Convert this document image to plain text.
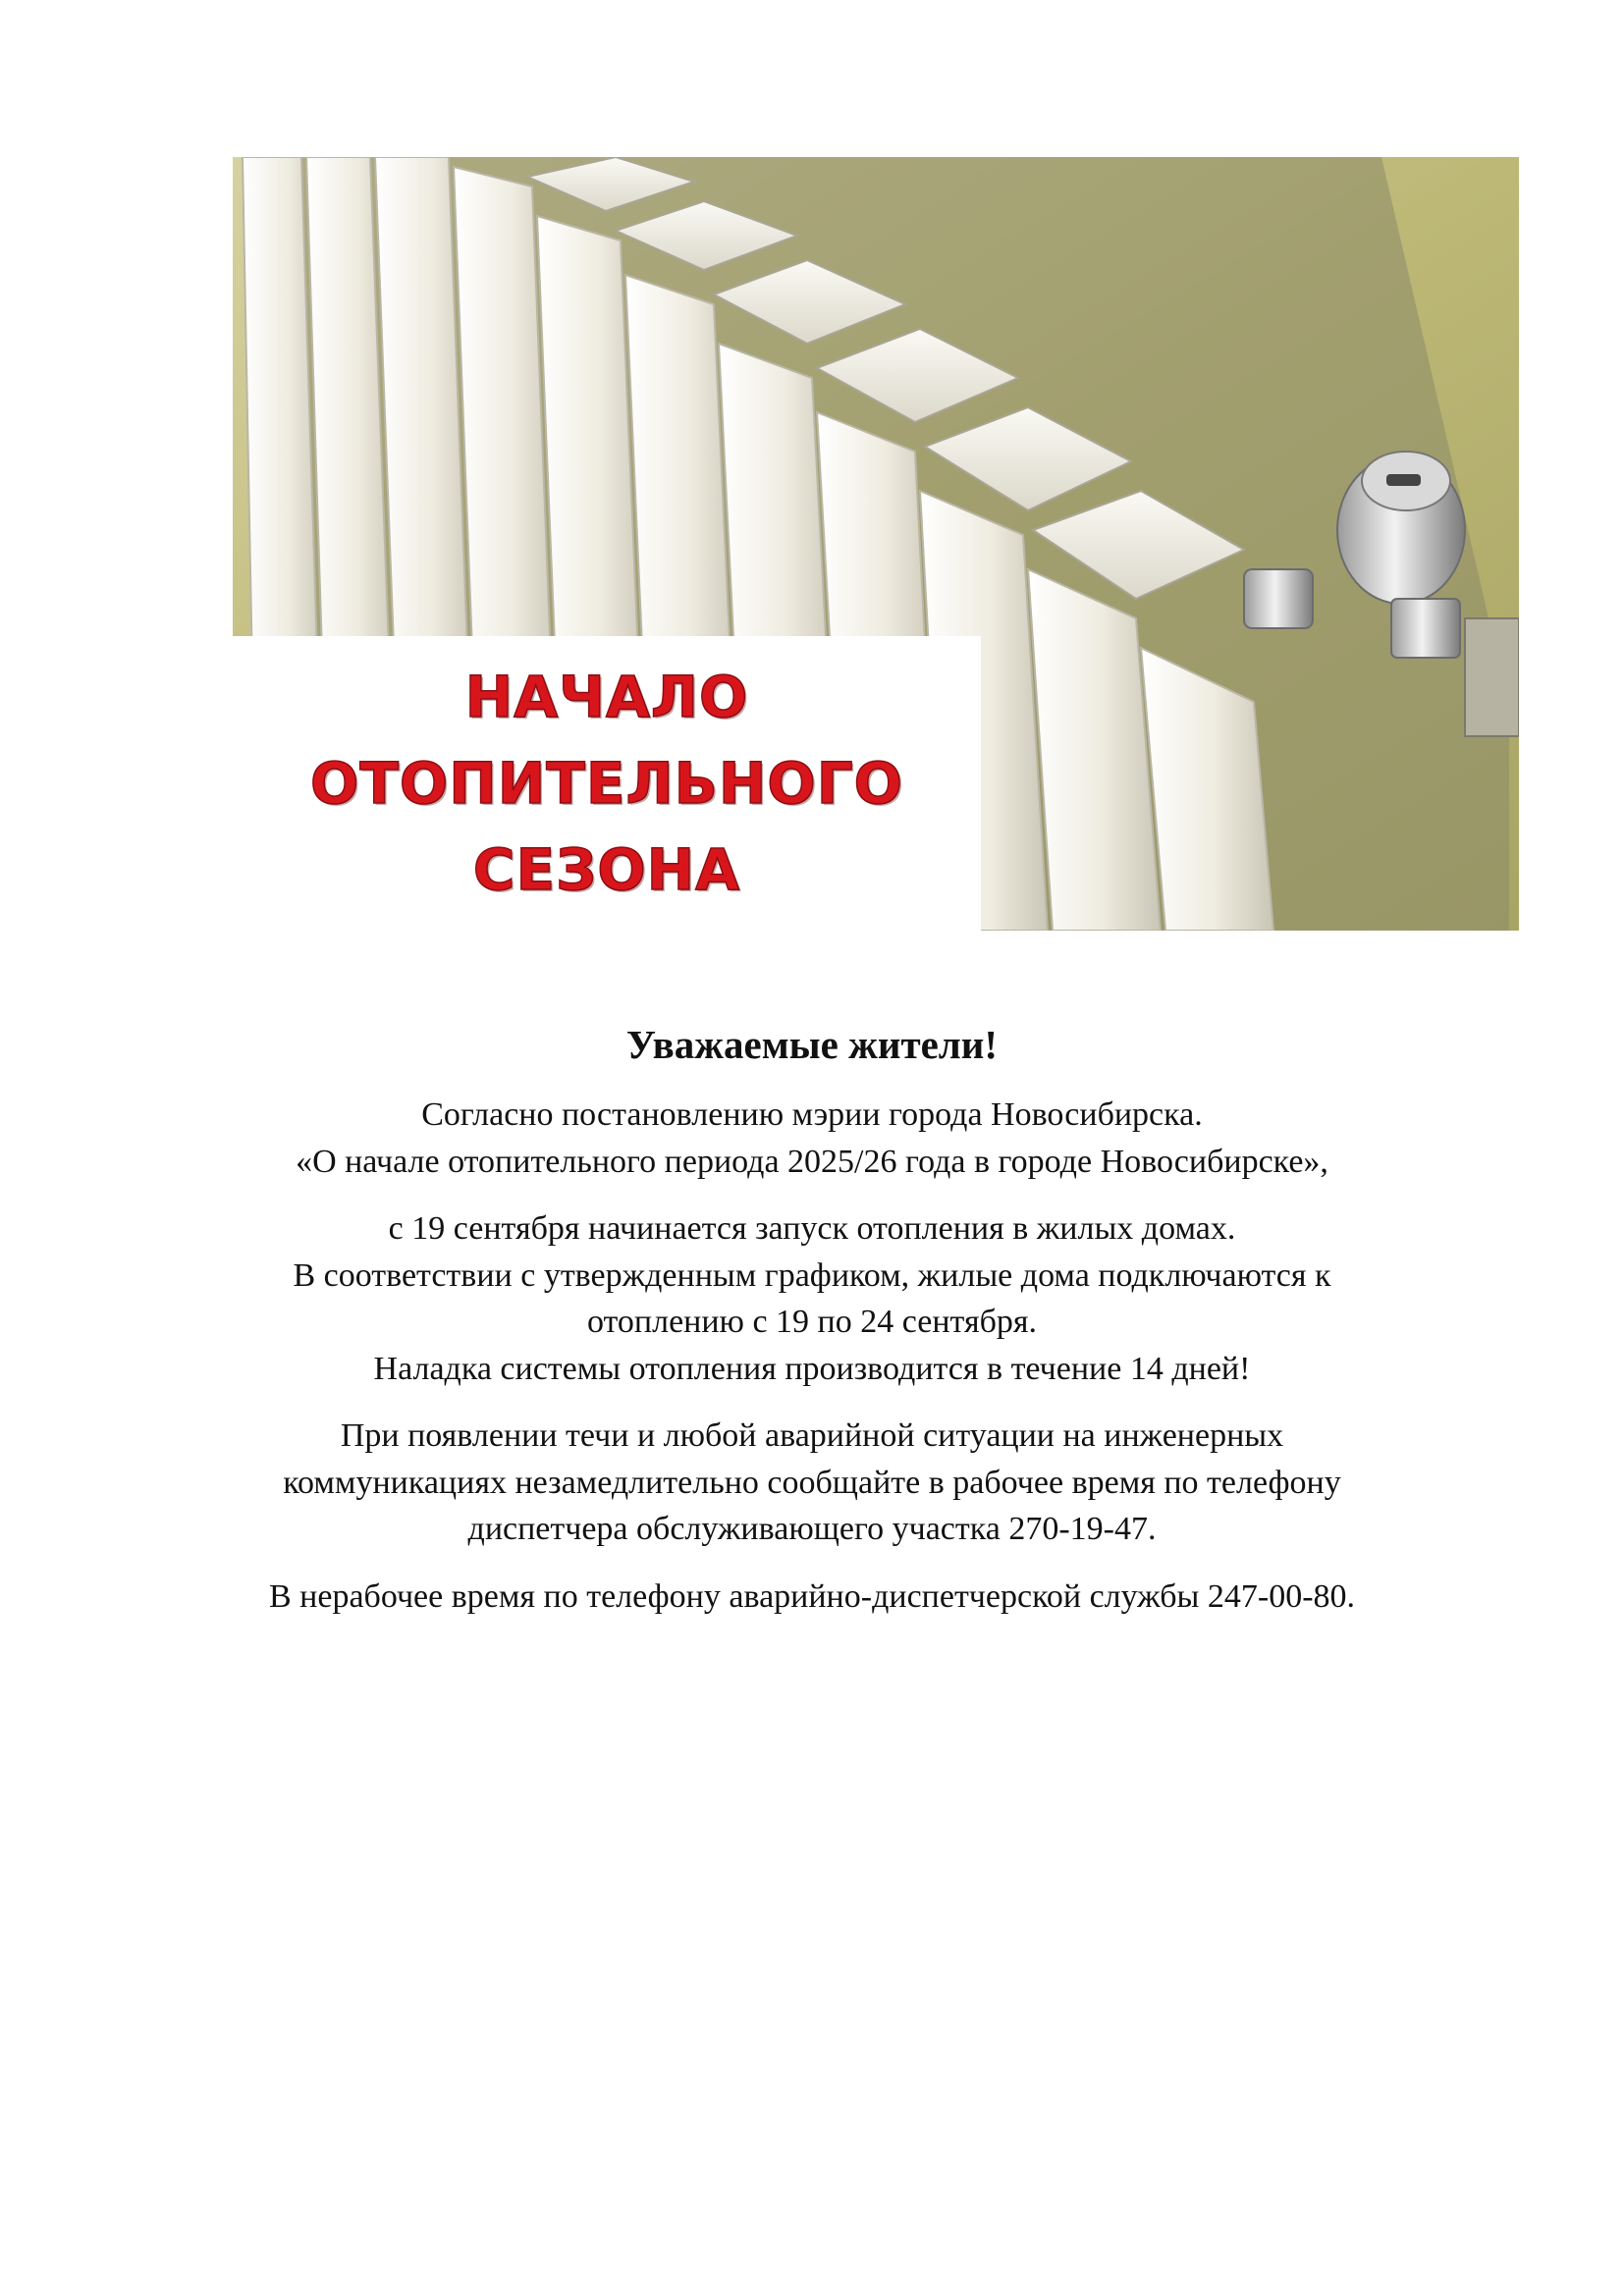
НАЧАЛО
ОТОПИТЕЛЬНОГО
СЕЗОНА
Уважаемые жители!
Согласно постановлению мэрии города Новосибирска.
«О начале отопительного периода 2025/26 года в городе Новосибирске»,
с 19 сентября начинается запуск отопления в жилых домах.
В соответствии с утвержденным графиком, жилые дома подключаются к
отоплению с 19 по 24 сентября.
Наладка системы отопления производится в течение 14 дней!
При появлении течи и любой аварийной ситуации на инженерных
коммуникациях незамедлительно сообщайте в рабочее время по телефону
диспетчера обслуживающего участка 270-19-47.
В нерабочее время по телефону аварийно-диспетчерской службы 247-00-80.
